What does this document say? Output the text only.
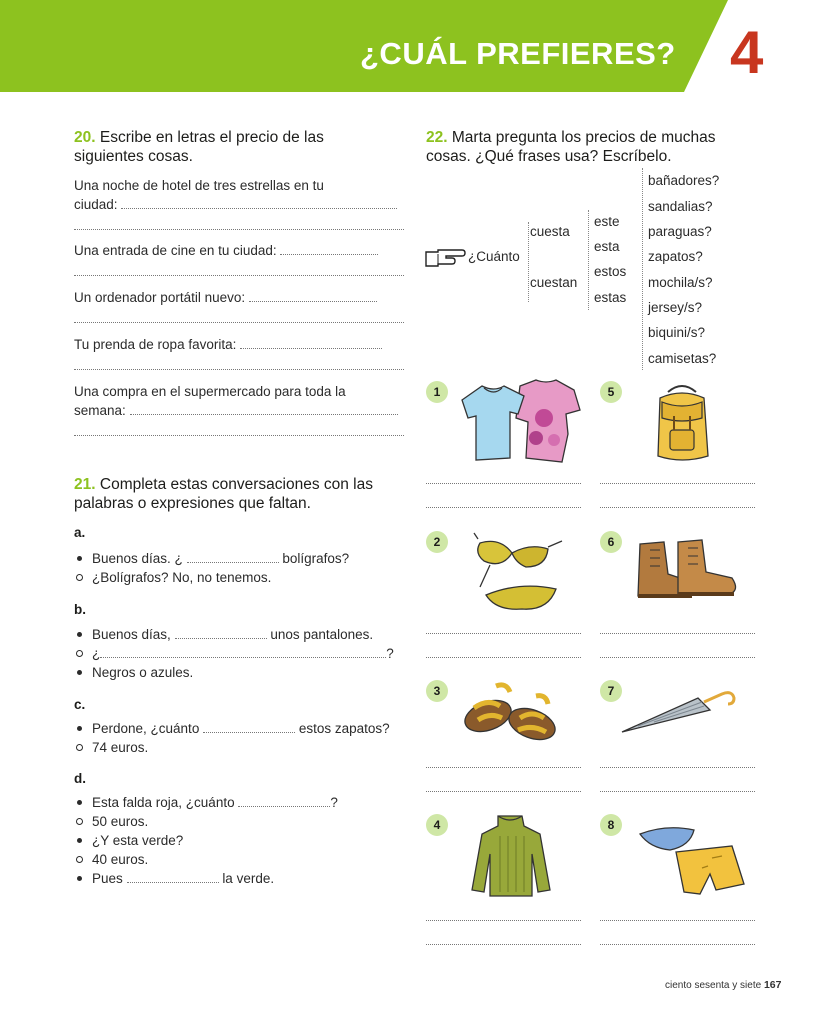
¿CUÁL PREFIERES? 4
20. Escribe en letras el precio de las
siguientes cosas.
Una noche de hotel de tres estrellas en tu
ciudad:
Una entrada de cine en tu ciudad:
Un ordenador portátil nuevo:
Tu prenda de ropa favorita:
Una compra en el supermercado para toda la
semana:
21. Completa estas conversaciones con las
palabras o expresiones que faltan.
a.
Buenos días. ¿	bolígrafos?
¿Bolígrafos? No, no tenemos.
b.
Buenos días,	unos pantalones.
¿	?
Negros o azules.
c.
Perdone, ¿cuánto	estos zapatos?
74 euros.
d.
Esta falda roja, ¿cuánto	?
50 euros.
¿Y esta verde?
40 euros.
Pues	la verde.
22. Marta pregunta los precios de muchas
cosas. ¿Qué frases usa? Escríbelo.
¿Cuánto
cuesta
cuestan
este
esta
estos
estas
bañadores?
sandalias?
paraguas?
zapatos?
mochila/s?
jersey/s?
biquini/s?
camisetas?
1
2
3
4
5
6
7
8
ciento sesenta y siete 167
